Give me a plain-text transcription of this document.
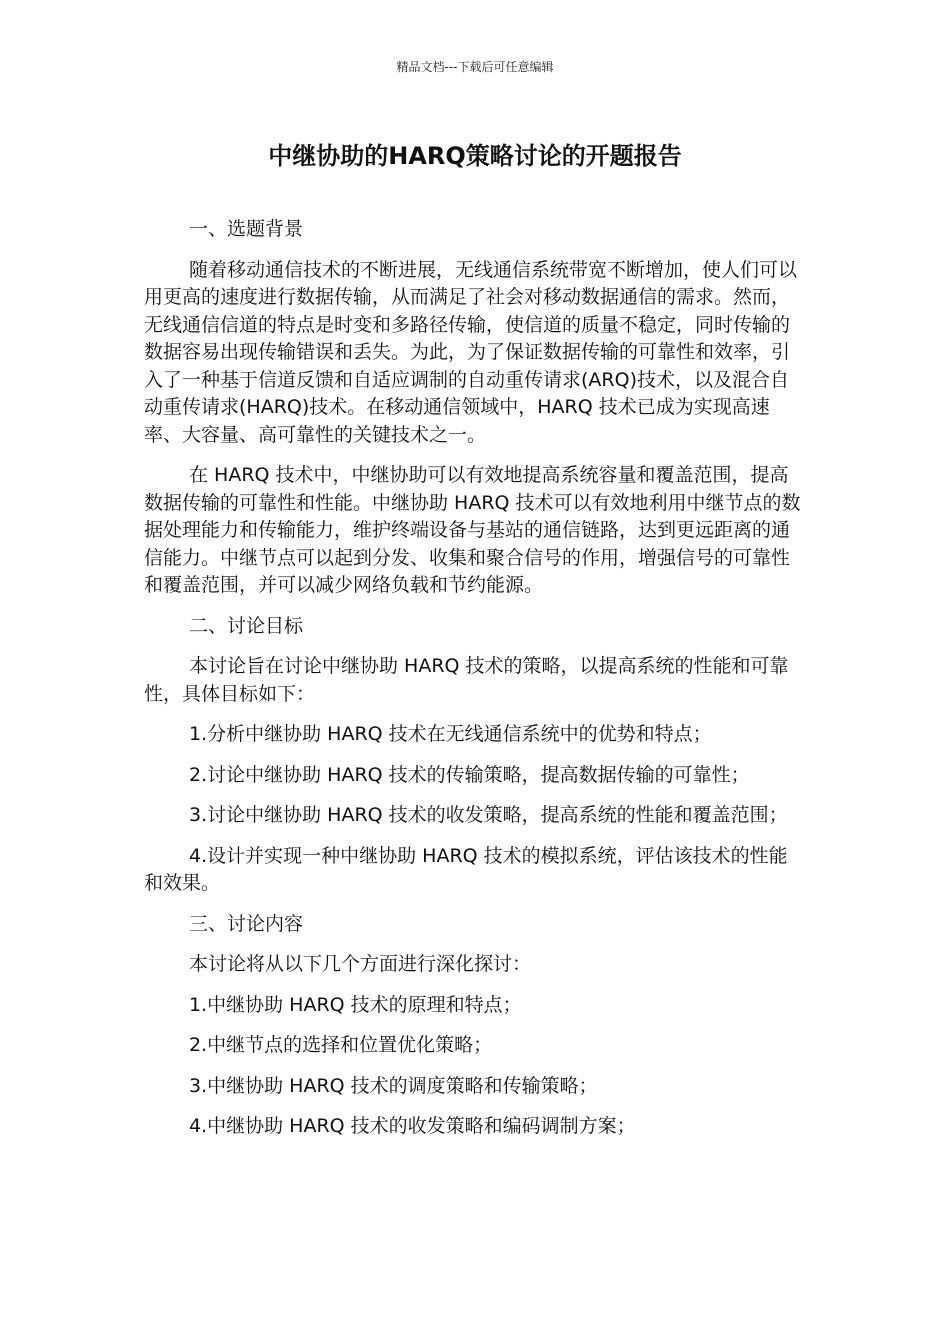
精品文档---下载后可任意编辑
中继协助的HARQ策略讨论的开题报告

一、选题背景

随着移动通信技术的不断进展，无线通信系统带宽不断增加，使人们可以用更高的速度进行数据传输，从而满足了社会对移动数据通信的需求。然而，无线通信信道的特点是时变和多路径传输，使信道的质量不稳定，同时传输的数据容易出现传输错误和丢失。为此，为了保证数据传输的可靠性和效率，引入了一种基于信道反馈和自适应调制的自动重传请求(ARQ)技术，以及混合自动重传请求(HARQ)技术。在移动通信领域中，HARQ 技术已成为实现高速率、大容量、高可靠性的关键技术之一。

在 HARQ 技术中，中继协助可以有效地提高系统容量和覆盖范围，提高数据传输的可靠性和性能。中继协助 HARQ 技术可以有效地利用中继节点的数据处理能力和传输能力，维护终端设备与基站的通信链路，达到更远距离的通信能力。中继节点可以起到分发、收集和聚合信号的作用，增强信号的可靠性和覆盖范围，并可以减少网络负载和节约能源。

二、讨论目标

本讨论旨在讨论中继协助 HARQ 技术的策略，以提高系统的性能和可靠性，具体目标如下：

1.分析中继协助 HARQ 技术在无线通信系统中的优势和特点；

2.讨论中继协助 HARQ 技术的传输策略，提高数据传输的可靠性；

3.讨论中继协助 HARQ 技术的收发策略，提高系统的性能和覆盖范围；

4.设计并实现一种中继协助 HARQ 技术的模拟系统，评估该技术的性能和效果。

三、讨论内容

本讨论将从以下几个方面进行深化探讨：

1.中继协助 HARQ 技术的原理和特点；

2.中继节点的选择和位置优化策略；

3.中继协助 HARQ 技术的调度策略和传输策略；

4.中继协助 HARQ 技术的收发策略和编码调制方案；
